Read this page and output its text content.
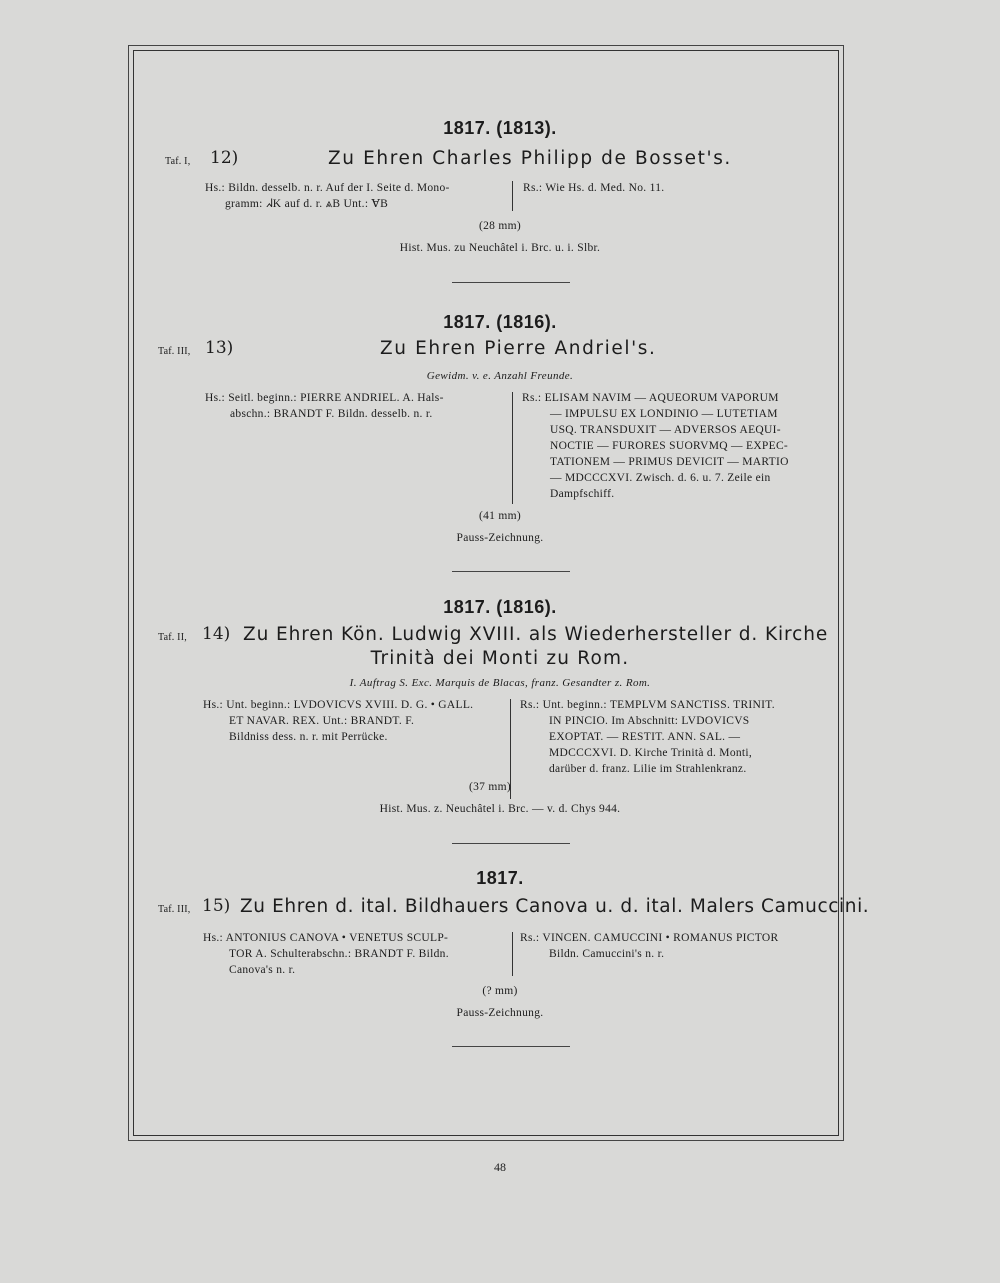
1817. (1813).
Taf. I, 12)	Zu Ehren Charles Philipp de Bosset's.
Hs.: Bildn. desselb. n. r. Auf der I. Seite d. Mono-
gramm: ᖽK auf d. r. ⩓B Unt.: ⱯB
Rs.: Wie Hs. d. Med. No. 11.
(28 mm)
Hist. Mus. zu Neuchâtel i. Brc. u. i. Slbr.
1817. (1816).
Taf. III, 13)	Zu Ehren Pierre Andriel's.
Gewidm. v. e. Anzahl Freunde.
Hs.: Seitl. beginn.: PIERRE ANDRIEL. A. Hals-
abschn.: BRANDT F. Bildn. desselb. n. r.
Rs.: ELISAM NAVIM — AQUEORUM VAPORUM
— IMPULSU EX LONDINIO — LUTETIAM
USQ. TRANSDUXIT — ADVERSOS AEQUI-
NOCTIE — FURORES SUORVMQ — EXPEC-
TATIONEM — PRIMUS DEVICIT — MARTIO
— MDCCCXVI. Zwisch. d. 6. u. 7. Zeile ein
Dampfschiff.
(41 mm)
Pauss-Zeichnung.
1817. (1816).
Taf. II, 14) Zu Ehren Kön. Ludwig XVIII. als Wiederhersteller d. Kirche
Trinità dei Monti zu Rom.
I. Auftrag S. Exc. Marquis de Blacas, franz. Gesandter z. Rom.
Hs.: Unt. beginn.: LVDOVICVS XVIII. D. G. • GALL.
ET NAVAR. REX. Unt.: BRANDT. F.
Bildniss dess. n. r. mit Perrücke.
Rs.: Unt. beginn.: TEMPLVM SANCTISS. TRINIT.
IN PINCIO. Im Abschnitt: LVDOVICVS
EXOPTAT. — RESTIT. ANN. SAL. —
MDCCCXVI. D. Kirche Trinità d. Monti,
darüber d. franz. Lilie im Strahlenkranz.
(37 mm)
Hist. Mus. z. Neuchâtel i. Brc. — v. d. Chys 944.
1817.
Taf. III, 15) Zu Ehren d. ital. Bildhauers Canova u. d. ital. Malers Camuccini.
Hs.: ANTONIUS CANOVA • VENETUS SCULP-
TOR A. Schulterabschn.: BRANDT F. Bildn.
Canova's n. r.
Rs.: VINCEN. CAMUCCINI • ROMANUS PICTOR
Bildn. Camuccini's n. r.
(? mm)
Pauss-Zeichnung.
48
